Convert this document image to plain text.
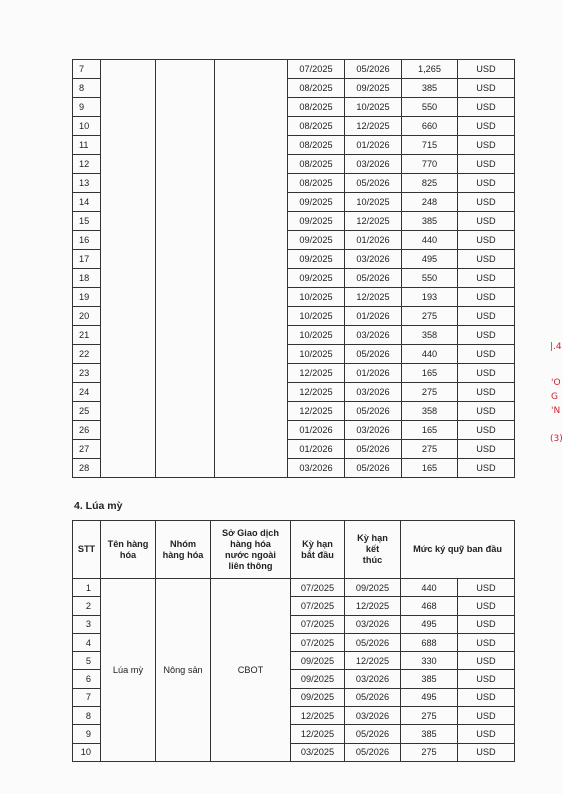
7				07/2025	05/2026	1,265	USD
8				08/2025	09/2025	385	USD
9				08/2025	10/2025	550	USD
10				08/2025	12/2025	660	USD
11				08/2025	01/2026	715	USD
12				08/2025	03/2026	770	USD
13				08/2025	05/2026	825	USD
14				09/2025	10/2025	248	USD
15				09/2025	12/2025	385	USD
16				09/2025	01/2026	440	USD
17				09/2025	03/2026	495	USD
18				09/2025	05/2026	550	USD
19				10/2025	12/2025	193	USD
20				10/2025	01/2026	275	USD
21				10/2025	03/2026	358	USD
22				10/2025	05/2026	440	USD
23				12/2025	01/2026	165	USD
24				12/2025	03/2026	275	USD
25				12/2025	05/2026	358	USD
26				01/2026	03/2026	165	USD
27				01/2026	05/2026	275	USD
28				03/2026	05/2026	165	USD

4. Lúa mỳ

STT	Tên hàng hóa	Nhóm hàng hóa	Sở Giao dịch hàng hóa nước ngoài liên thông	Kỳ hạn bắt đầu	Kỳ hạn kết thúc	Mức ký quỹ ban đầu	
1	Lúa mỳ	Nông sản	CBOT	07/2025	09/2025	440	USD
2				07/2025	12/2025	468	USD
3				07/2025	03/2026	495	USD
4				07/2025	05/2026	688	USD
5				09/2025	12/2025	330	USD
6				09/2025	03/2026	385	USD
7				09/2025	05/2026	495	USD
8				12/2025	03/2026	275	USD
9				12/2025	05/2026	385	USD
10				03/2025	05/2026	275	USD
|.4
'O
G
'N
(3)
